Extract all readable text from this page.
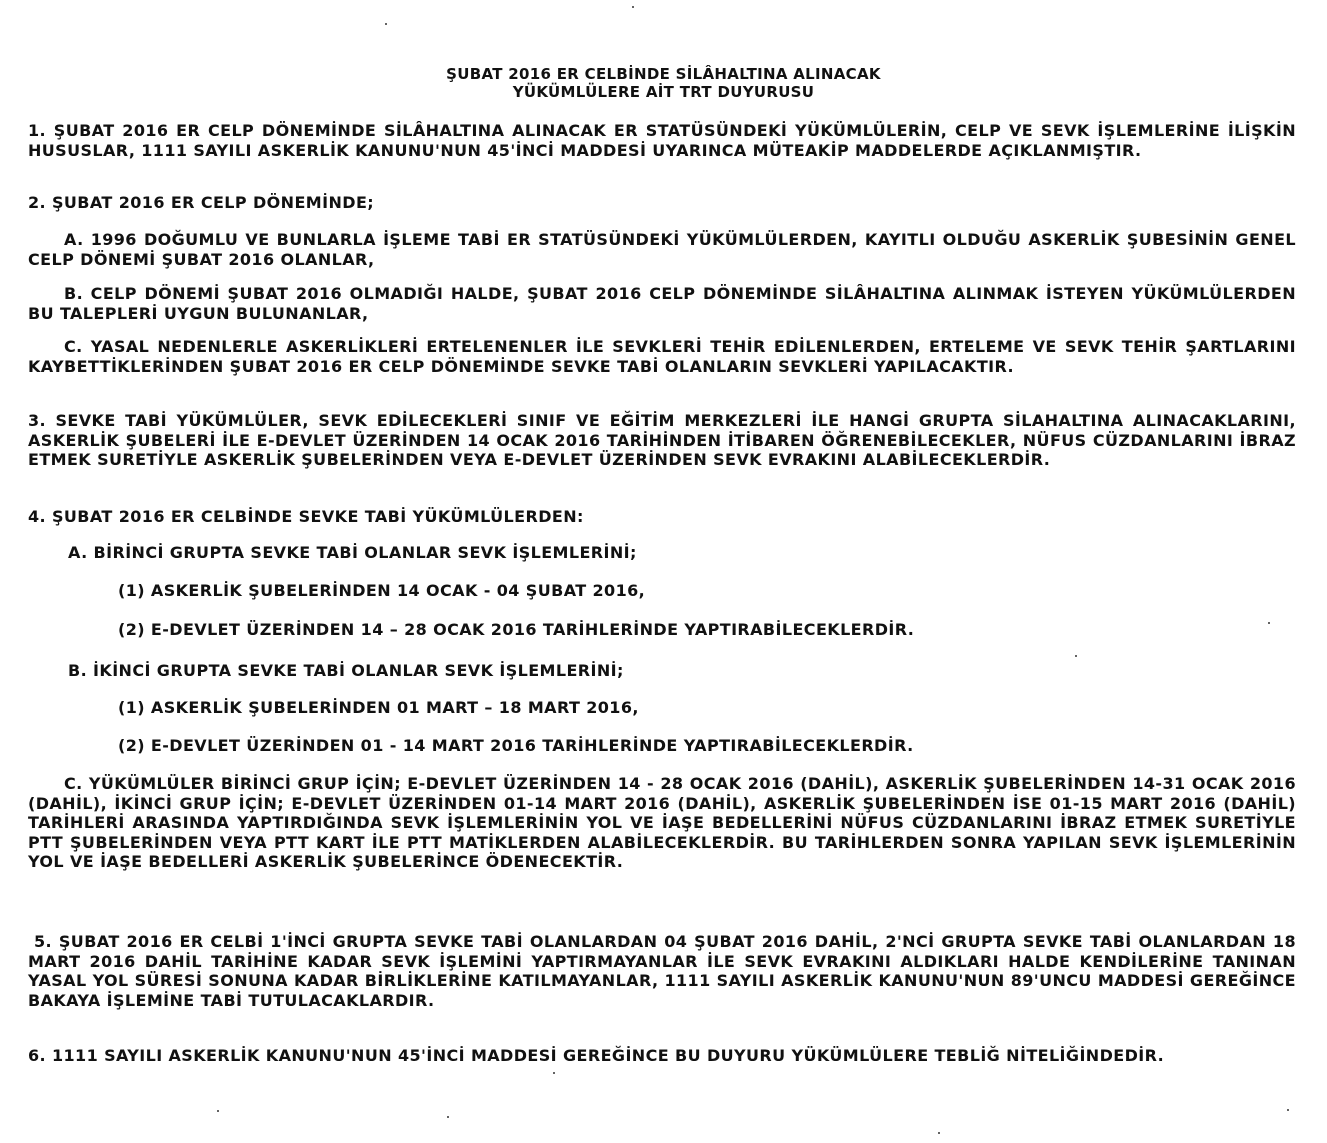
ŞUBAT 2016 ER CELBİNDE SİLÂHALTINA ALINACAK
YÜKÜMLÜLERE AİT TRT DUYURUSU
1. ŞUBAT 2016 ER CELP DÖNEMİNDE SİLÂHALTINA ALINACAK ER STATÜSÜNDEKİ YÜKÜMLÜLERİN, CELP VE SEVK İŞLEMLERİNE İLİŞKİN HUSUSLAR, 1111 SAYILI ASKERLİK KANUNU'NUN 45'İNCİ MADDESİ UYARINCA MÜTEAKİP MADDELERDE AÇIKLANMIŞTIR.
2. ŞUBAT 2016 ER CELP DÖNEMİNDE;
A. 1996 DOĞUMLU VE BUNLARLA İŞLEME TABİ ER STATÜSÜNDEKİ YÜKÜMLÜLERDEN, KAYITLI OLDUĞU ASKERLİK ŞUBESİNİN GENEL CELP DÖNEMİ ŞUBAT 2016 OLANLAR,
B. CELP DÖNEMİ ŞUBAT 2016 OLMADIĞI HALDE, ŞUBAT 2016 CELP DÖNEMİNDE SİLÂHALTINA ALINMAK İSTEYEN YÜKÜMLÜLERDEN BU TALEPLERİ UYGUN BULUNANLAR,
C. YASAL NEDENLERLE ASKERLİKLERİ ERTELENENLER İLE SEVKLERİ TEHİR EDİLENLERDEN, ERTELEME VE SEVK TEHİR ŞARTLARINI KAYBETTİKLERİNDEN ŞUBAT 2016 ER CELP DÖNEMİNDE SEVKE TABİ OLANLARIN SEVKLERİ YAPILACAKTIR.
3. SEVKE TABİ YÜKÜMLÜLER, SEVK EDİLECEKLERİ SINIF VE EĞİTİM MERKEZLERİ İLE HANGİ GRUPTA SİLAHALTINA ALINACAKLARINI, ASKERLİK ŞUBELERİ İLE E-DEVLET ÜZERİNDEN 14 OCAK 2016 TARİHİNDEN İTİBAREN ÖĞRENEBİLECEKLER, NÜFUS CÜZDANLARINI İBRAZ ETMEK SURETİYLE ASKERLİK ŞUBELERİNDEN VEYA E-DEVLET ÜZERİNDEN SEVK EVRAKINI ALABİLECEKLERDİR.
4. ŞUBAT 2016 ER CELBİNDE SEVKE TABİ YÜKÜMLÜLERDEN:
A. BİRİNCİ GRUPTA SEVKE TABİ OLANLAR SEVK İŞLEMLERİNİ;
(1) ASKERLİK ŞUBELERİNDEN 14 OCAK - 04 ŞUBAT 2016,
(2) E-DEVLET ÜZERİNDEN 14 – 28 OCAK 2016 TARİHLERİNDE YAPTIRABİLECEKLERDİR.
B. İKİNCİ GRUPTA SEVKE TABİ OLANLAR SEVK İŞLEMLERİNİ;
(1) ASKERLİK ŞUBELERİNDEN 01 MART – 18 MART 2016,
(2) E-DEVLET ÜZERİNDEN 01 - 14 MART 2016 TARİHLERİNDE YAPTIRABİLECEKLERDİR.
C. YÜKÜMLÜLER BİRİNCİ GRUP İÇİN; E-DEVLET ÜZERİNDEN 14 - 28 OCAK 2016 (DAHİL), ASKERLİK ŞUBELERİNDEN 14-31 OCAK 2016 (DAHİL), İKİNCİ GRUP İÇİN; E-DEVLET ÜZERİNDEN 01-14 MART 2016 (DAHİL), ASKERLİK ŞUBELERİNDEN İSE 01-15 MART 2016 (DAHİL) TARİHLERİ ARASINDA YAPTIRDIĞINDA SEVK İŞLEMLERİNİN YOL VE İAŞE BEDELLERİNİ NÜFUS CÜZDANLARINI İBRAZ ETMEK SURETİYLE PTT ŞUBELERİNDEN VEYA PTT KART İLE PTT MATİKLERDEN ALABİLECEKLERDİR. BU TARİHLERDEN SONRA YAPILAN SEVK İŞLEMLERİNİN YOL VE İAŞE BEDELLERİ ASKERLİK ŞUBELERİNCE ÖDENECEKTİR.
5. ŞUBAT 2016 ER CELBİ 1'İNCİ GRUPTA SEVKE TABİ OLANLARDAN 04 ŞUBAT 2016 DAHİL, 2'NCİ GRUPTA SEVKE TABİ OLANLARDAN 18 MART 2016 DAHİL TARİHİNE KADAR SEVK İŞLEMİNİ YAPTIRMAYANLAR İLE SEVK EVRAKINI ALDIKLARI HALDE KENDİLERİNE TANINAN YASAL YOL SÜRESİ SONUNA KADAR BİRLİKLERİNE KATILMAYANLAR, 1111 SAYILI ASKERLİK KANUNU'NUN 89'UNCU MADDESİ GEREĞİNCE BAKAYA İŞLEMİNE TABİ TUTULACAKLARDIR.
6. 1111 SAYILI ASKERLİK KANUNU'NUN 45'İNCİ MADDESİ GEREĞİNCE BU DUYURU YÜKÜMLÜLERE TEBLİĞ NİTELİĞİNDEDİR.
